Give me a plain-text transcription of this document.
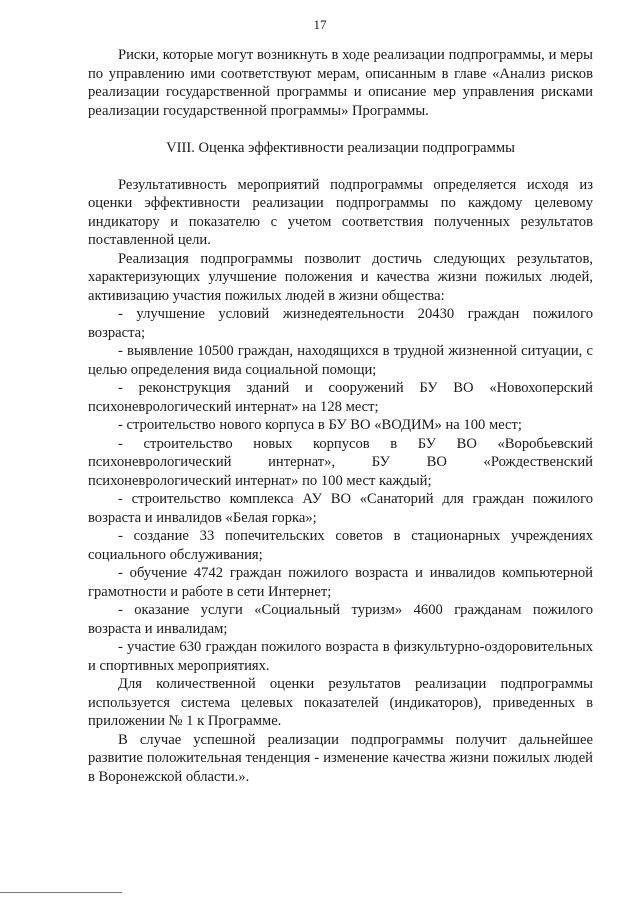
17

Риски, которые могут возникнуть в ходе реализации подпрограммы, и меры по управлению ими соответствуют мерам, описанным в главе «Анализ рисков реализации государственной программы и описание мер управления рисками реализации государственной программы» Программы.

VIII. Оценка эффективности реализации подпрограммы

Результативность мероприятий подпрограммы определяется исходя из оценки эффективности реализации подпрограммы по каждому целевому индикатору и показателю с учетом соответствия полученных результатов поставленной цели.

Реализация подпрограммы позволит достичь следующих результатов, характеризующих улучшение положения и качества жизни пожилых людей, активизацию участия пожилых людей в жизни общества:

- улучшение условий жизнедеятельности 20430 граждан пожилого возраста;

- выявление 10500 граждан, находящихся в трудной жизненной ситуации, с целью определения вида социальной помощи;

- реконструкция зданий и сооружений БУ ВО «Новохоперский психоневрологический интернат» на 128 мест;

- строительство нового корпуса в БУ ВО «ВОДИМ» на 100 мест;

- строительство новых корпусов в БУ ВО «Воробьевский психоневрологический интернат», БУ ВО «Рождественский психоневрологический интернат» по 100 мест каждый;

- строительство комплекса АУ ВО «Санаторий для граждан пожилого возраста и инвалидов «Белая горка»;

- создание 33 попечительских советов в стационарных учреждениях социального обслуживания;

- обучение 4742 граждан пожилого возраста и инвалидов компьютерной грамотности и работе в сети Интернет;

- оказание услуги «Социальный туризм» 4600 гражданам пожилого возраста и инвалидам;

- участие 630 граждан пожилого возраста в физкультурно-оздоровительных и спортивных мероприятиях.

Для количественной оценки результатов реализации подпрограммы используется система целевых показателей (индикаторов), приведенных в приложении № 1 к Программе.

В случае успешной реализации подпрограммы получит дальнейшее развитие положительная тенденция - изменение качества жизни пожилых людей в Воронежской области.».
